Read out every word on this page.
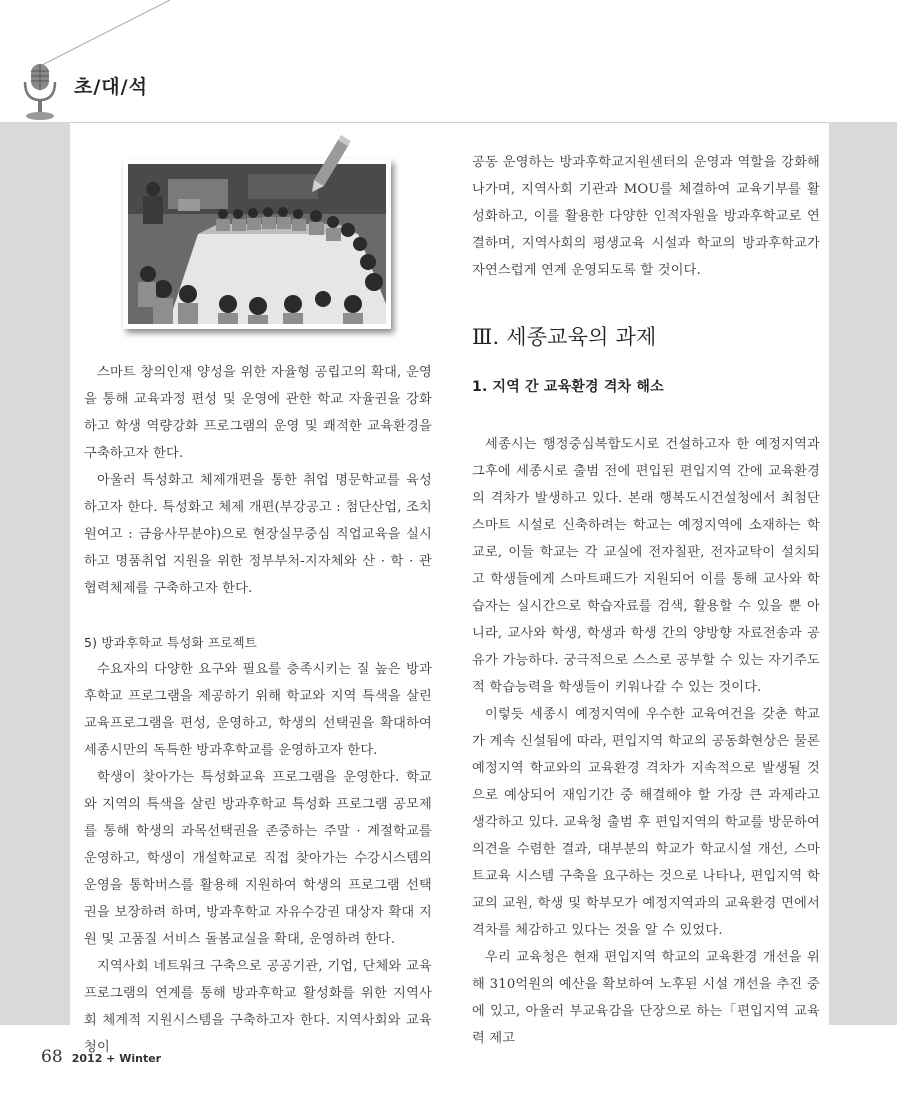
초/대/석

스마트 창의인재 양성을 위한 자율형 공립고의 확대, 운영을 통해 교육과정 편성 및 운영에 관한 학교 자율권을 강화하고 학생 역량강화 프로그램의 운영 및 쾌적한 교육환경을 구축하고자 한다.

아울러 특성화고 체제개편을 통한 취업 명문학교를 육성하고자 한다. 특성화고 체제 개편(부강공고 : 첨단산업, 조치원여고 : 금융사무분야)으로 현장실무중심 직업교육을 실시하고 명품취업 지원을 위한 정부부처-지자체와 산 · 학 · 관 협력체제를 구축하고자 한다.

5) 방과후학교 특성화 프로젝트

수요자의 다양한 요구와 필요를 충족시키는 질 높은 방과후학교 프로그램을 제공하기 위해 학교와 지역 특색을 살린 교육프로그램을 편성, 운영하고, 학생의 선택권을 확대하여 세종시만의 독특한 방과후학교를 운영하고자 한다.

학생이 찾아가는 특성화교육 프로그램을 운영한다. 학교와 지역의 특색을 살린 방과후학교 특성화 프로그램 공모제를 통해 학생의 과목선택권을 존중하는 주말 · 계절학교를 운영하고, 학생이 개설학교로 직접 찾아가는 수강시스템의 운영을 통학버스를 활용해 지원하여 학생의 프로그램 선택권을 보장하려 하며, 방과후학교 자유수강권 대상자 확대 지원 및 고품질 서비스 돌봄교실을 확대, 운영하려 한다.

지역사회 네트워크 구축으로 공공기관, 기업, 단체와 교육프로그램의 연계를 통해 방과후학교 활성화를 위한 지역사회 체계적 지원시스템을 구축하고자 한다. 지역사회와 교육청이

공동 운영하는 방과후학교지원센터의 운영과 역할을 강화해 나가며, 지역사회 기관과 MOU를 체결하여 교육기부를 활성화하고, 이를 활용한 다양한 인적자원을 방과후학교로 연결하며, 지역사회의 평생교육 시설과 학교의 방과후학교가 자연스럽게 연계 운영되도록 할 것이다.

Ⅲ. 세종교육의 과제

1. 지역 간 교육환경 격차 해소

세종시는 행정중심복합도시로 건설하고자 한 예정지역과 그후에 세종시로 출범 전에 편입된 편입지역 간에 교육환경의 격차가 발생하고 있다. 본래 행복도시건설청에서 최첨단 스마트 시설로 신축하려는 학교는 예정지역에 소재하는 학교로, 이들 학교는 각 교실에 전자칠판, 전자교탁이 설치되고 학생들에게 스마트패드가 지원되어 이를 통해 교사와 학습자는 실시간으로 학습자료를 검색, 활용할 수 있을 뿐 아니라, 교사와 학생, 학생과 학생 간의 양방향 자료전송과 공유가 가능하다. 궁극적으로 스스로 공부할 수 있는 자기주도적 학습능력을 학생들이 키워나갈 수 있는 것이다.

이렇듯 세종시 예정지역에 우수한 교육여건을 갖춘 학교가 계속 신설됨에 따라, 편입지역 학교의 공동화현상은 물론 예정지역 학교와의 교육환경 격차가 지속적으로 발생될 것으로 예상되어 재임기간 중 해결해야 할 가장 큰 과제라고 생각하고 있다. 교육청 출범 후 편입지역의 학교를 방문하여 의견을 수렴한 결과, 대부분의 학교가 학교시설 개선, 스마트교육 시스템 구축을 요구하는 것으로 나타나, 편입지역 학교의 교원, 학생 및 학부모가 예정지역과의 교육환경 면에서 격차를 체감하고 있다는 것을 알 수 있었다.

우리 교육청은 현재 편입지역 학교의 교육환경 개선을 위해 310억원의 예산을 확보하여 노후된 시설 개선을 추진 중에 있고, 아울러 부교육감을 단장으로 하는「편입지역 교육력 제고

68 2012 + Winter
